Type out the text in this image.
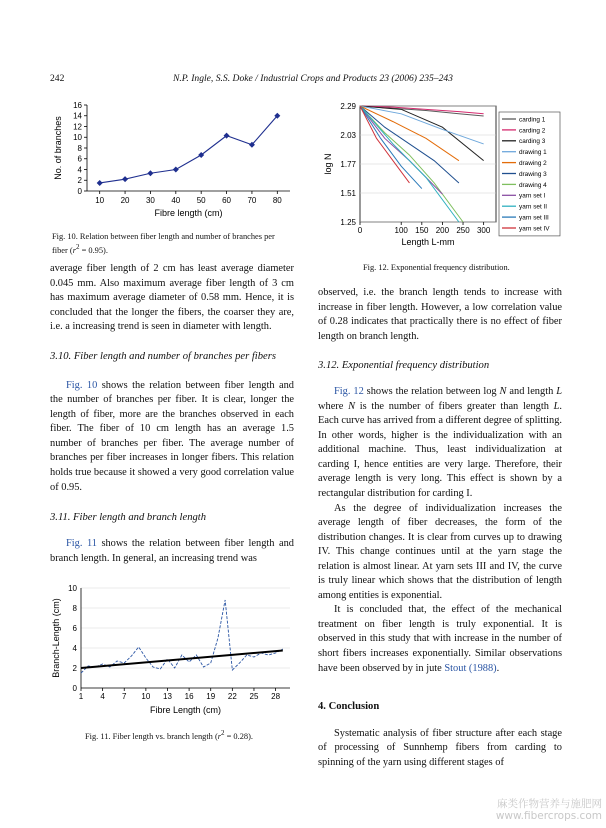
242	N.P. Ingle, S.S. Doke / Industrial Crops and Products 23 (2006) 235–243
0
2
4
6
8
10
12
14
16
10 20 30 40 50 60 70 80
Fibre length (cm)
No. of branches
Fig. 10. Relation between fiber length and number of branches per fiber $(r^2 = 0.95)$.

average fiber length of 2 cm has least average diameter 0.045 mm. Also maximum average fiber length of 3 cm has maximum average diameter of 0.58 mm. Hence, it is concluded that the longer the fibers, the coarser they are, i.e. a increasing trend is seen in diameter with length.

3.10. Fiber length and number of branches per fibers

Fig. 10 shows the relation between fiber length and the number of branches per fiber. It is clear, longer the length of fiber, more are the branches observed in each fiber. The fiber of 10 cm length has an average 1.5 number of branches per fiber. The average number of branches per fiber increases in longer fibers. This relation holds true because it showed a very good correlation value of 0.95.

3.11. Fiber length and branch length

Fig. 11 shows the relation between fiber length and branch length. In general, an increasing trend was

0
2
4
6
8
10
1 4 7 10 13 16 19 22 25 28
Fibre Length (cm)
Branch-Length (cm)
Fig. 11. Fiber length vs. branch length $(r^2 = 0.28)$.
1.25
1.51
1.77
2.03
2.29
0	100 150 200 250 300
Length L-mm
log N
carding 1
carding 2
carding 3
drawing 1
drawing 2
drawing 3
drawing 4
yarn set I
yarn set II
yarn set III
yarn set IV
Fig. 12. Exponential frequency distribution.

observed, i.e. the branch length tends to increase with increase in fiber length. However, a low correlation value of 0.28 indicates that practically there is no effect of fiber length on branch length.

3.12. Exponential frequency distribution

Fig. 12 shows the relation between log N and length L where N is the number of fibers greater than length L. Each curve has arrived from a different degree of splitting. In other words, higher is the individualization with an additional machine. Thus, least individualization at carding I, hence entities are very large. Therefore, their average length is very long. This effect is shown by a rectangular distribution for carding I.

As the degree of individualization increases the average length of fiber decreases, the form of the distribution changes. It is clear from curves up to drawing IV. This change continues until at the yarn stage the relation is almost linear. At yarn sets III and IV, the curve is truly linear which shows that the distribution of length among entities is exponential.

It is concluded that, the effect of the mechanical treatment on fiber length is truly exponential. It is observed in this study that with increase in the number of short fibers increases exponentially. Similar observations have been observed by in jute Stout (1988).

4. Conclusion

Systematic analysis of fiber structure after each stage of processing of Sunnhemp fibers from carding to spinning of the yarn using different stages of

麻类作物营养与施肥网
www.fibercrops.com
